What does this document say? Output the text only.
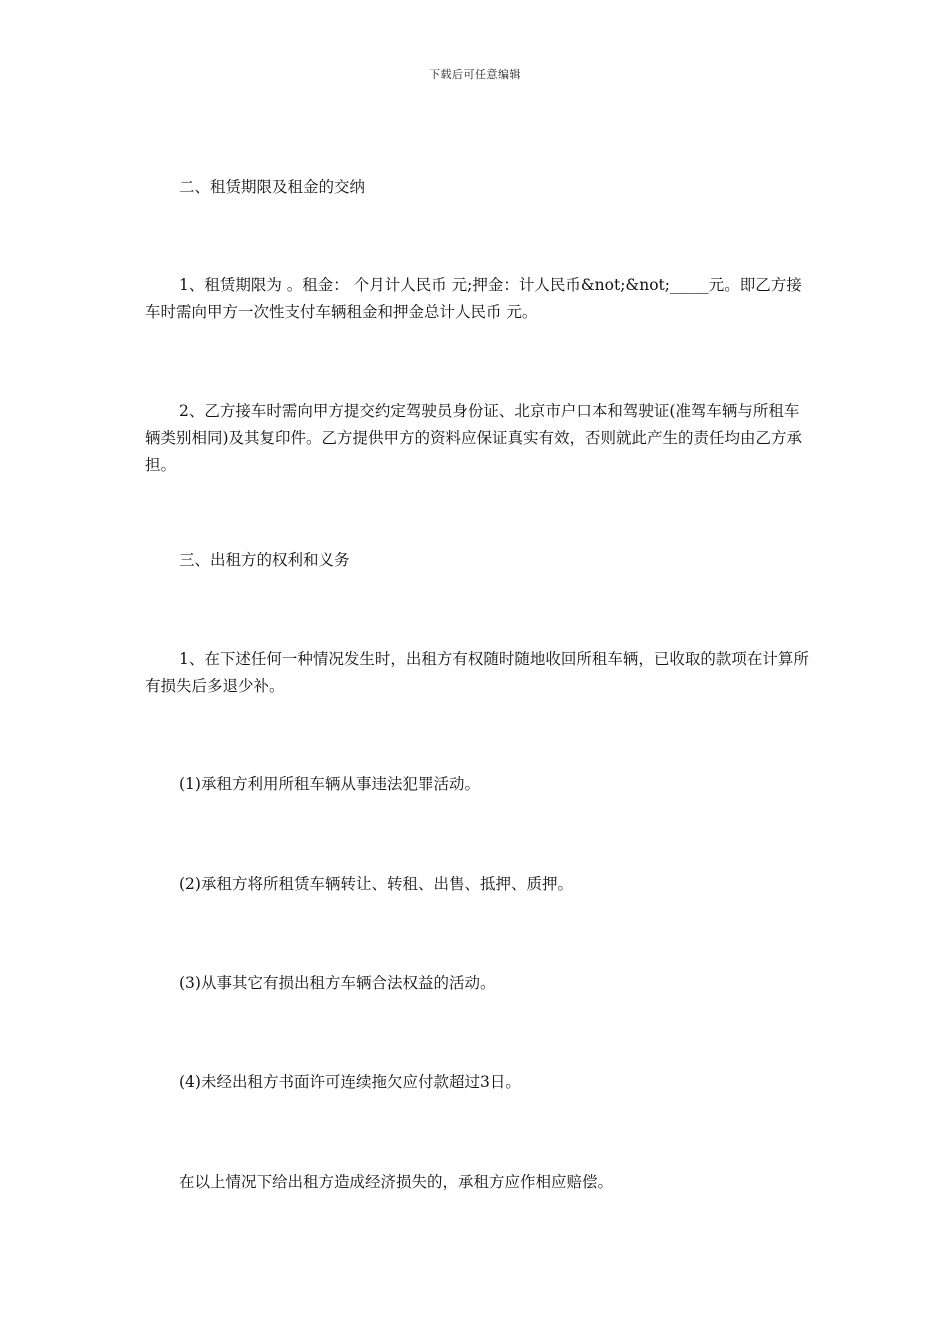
下载后可任意编辑

二、租赁期限及租金的交纳

1、租赁期限为 。租金： 个月计人民币 元;押金：计人民币&not;&not;_____元。即乙方接车时需向甲方一次性支付车辆租金和押金总计人民币 元。

2、乙方接车时需向甲方提交约定驾驶员身份证、北京市户口本和驾驶证(准驾车辆与所租车辆类别相同)及其复印件。乙方提供甲方的资料应保证真实有效，否则就此产生的责任均由乙方承担。

三、出租方的权利和义务

1、在下述任何一种情况发生时，出租方有权随时随地收回所租车辆，已收取的款项在计算所有损失后多退少补。

(1)承租方利用所租车辆从事违法犯罪活动。

(2)承租方将所租赁车辆转让、转租、出售、抵押、质押。

(3)从事其它有损出租方车辆合法权益的活动。

(4)未经出租方书面许可连续拖欠应付款超过3日。

在以上情况下给出租方造成经济损失的，承租方应作相应赔偿。
